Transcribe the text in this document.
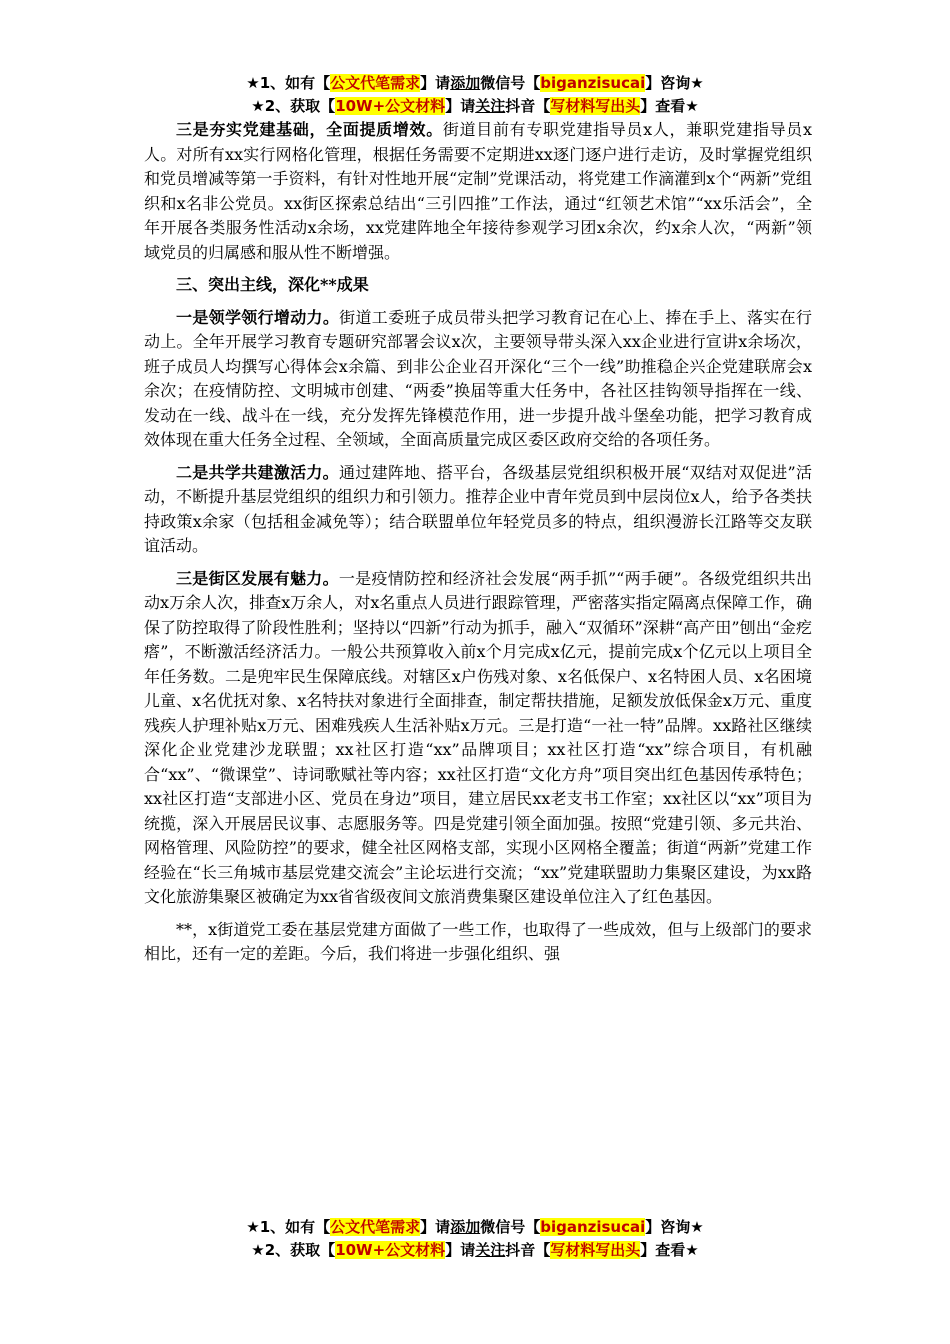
★1、如有【公文代笔需求】请添加微信号【biganzisucai】咨询★
★2、获取【10W+公文材料】请关注抖音【写材料写出头】查看★

三是夯实党建基础，全面提质增效。街道目前有专职党建指导员x人，兼职党建指导员x人。对所有xx实行网格化管理，根据任务需要不定期进xx逐门逐户进行走访，及时掌握党组织和党员增减等第一手资料，有针对性地开展“定制”党课活动，将党建工作滴灌到x个“两新”党组织和x名非公党员。xx街区探索总结出“三引四推”工作法，通过“红领艺术馆”“xx乐活会”，全年开展各类服务性活动x余场，xx党建阵地全年接待参观学习团x余次，约x余人次，“两新”领域党员的归属感和服从性不断增强。

三、突出主线，深化**成果

一是领学领行增动力。街道工委班子成员带头把学习教育记在心上、捧在手上、落实在行动上。全年开展学习教育专题研究部署会议x次，主要领导带头深入xx企业进行宣讲x余场次，班子成员人均撰写心得体会x余篇、到非公企业召开深化“三个一线”助推稳企兴企党建联席会x余次；在疫情防控、文明城市创建、“两委”换届等重大任务中，各社区挂钩领导指挥在一线、发动在一线、战斗在一线，充分发挥先锋模范作用，进一步提升战斗堡垒功能，把学习教育成效体现在重大任务全过程、全领域，全面高质量完成区委区政府交给的各项任务。

二是共学共建激活力。通过建阵地、搭平台，各级基层党组织积极开展“双结对双促进”活动，不断提升基层党组织的组织力和引领力。推荐企业中青年党员到中层岗位x人，给予各类扶持政策x余家（包括租金减免等）；结合联盟单位年轻党员多的特点，组织漫游长江路等交友联谊活动。

三是街区发展有魅力。一是疫情防控和经济社会发展“两手抓”“两手硬”。各级党组织共出动x万余人次，排查x万余人，对x名重点人员进行跟踪管理，严密落实指定隔离点保障工作，确保了防控取得了阶段性胜利；坚持以“四新”行动为抓手，融入“双循环”深耕“高产田”刨出“金疙瘩”，不断激活经济活力。一般公共预算收入前x个月完成x亿元，提前完成x个亿元以上项目全年任务数。二是兜牢民生保障底线。对辖区x户伤残对象、x名低保户、x名特困人员、x名困境儿童、x名优抚对象、x名特扶对象进行全面排查，制定帮扶措施，足额发放低保金x万元、重度残疾人护理补贴x万元、困难残疾人生活补贴x万元。三是打造“一社一特”品牌。xx路社区继续深化企业党建沙龙联盟；xx社区打造“xx”品牌项目；xx社区打造“xx”综合项目，有机融合“xx”、“微课堂”、诗词歌赋社等内容；xx社区打造“文化方舟”项目突出红色基因传承特色；xx社区打造“支部进小区、党员在身边”项目，建立居民xx老支书工作室；xx社区以“xx”项目为统揽，深入开展居民议事、志愿服务等。四是党建引领全面加强。按照“党建引领、多元共治、网格管理、风险防控”的要求，健全社区网格支部，实现小区网格全覆盖；街道“两新”党建工作经验在“长三角城市基层党建交流会”主论坛进行交流；“xx”党建联盟助力集聚区建设，为xx路文化旅游集聚区被确定为xx省省级夜间文旅消费集聚区建设单位注入了红色基因。

**，x街道党工委在基层党建方面做了一些工作，也取得了一些成效，但与上级部门的要求相比，还有一定的差距。今后，我们将进一步强化组织、强

★1、如有【公文代笔需求】请添加微信号【biganzisucai】咨询★
★2、获取【10W+公文材料】请关注抖音【写材料写出头】查看★
